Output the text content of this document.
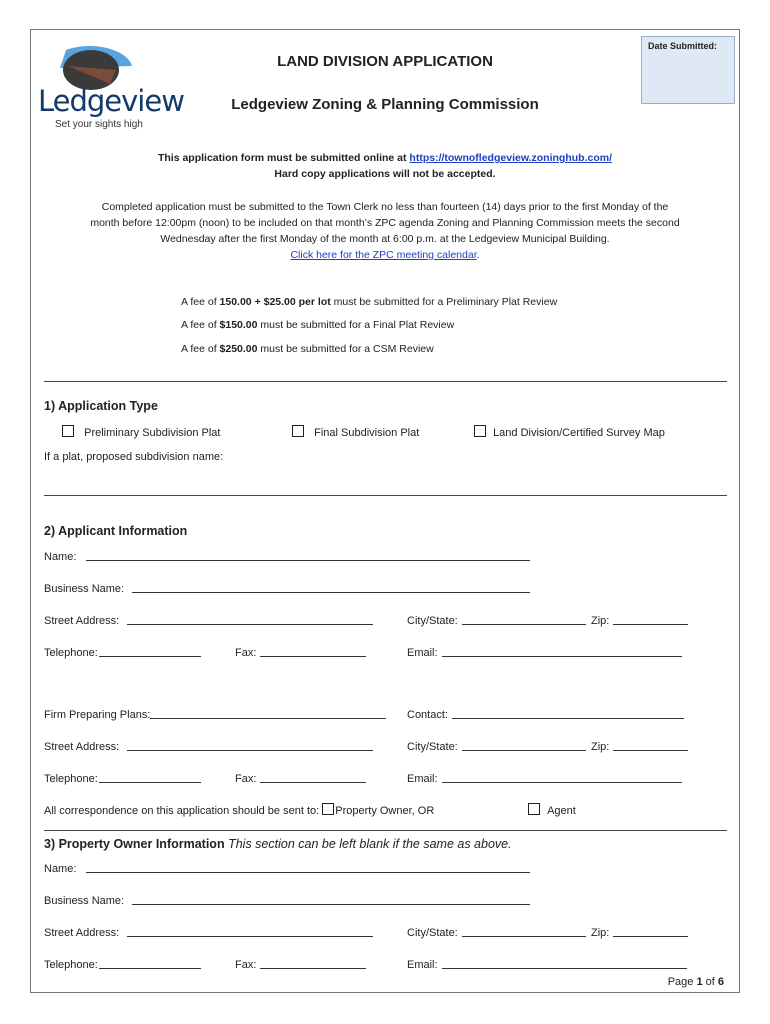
Date Submitted:
Ledgeview
Set your sights high
LAND DIVISION APPLICATION
Ledgeview Zoning & Planning Commission
This application form must be submitted online at https://townofledgeview.zoninghub.com/
Hard copy applications will not be accepted.
Completed application must be submitted to the Town Clerk no less than fourteen (14) days prior to the first Monday of the
month before 12:00pm (noon) to be included on that month’s ZPC agenda Zoning and Planning Commission meets the second
Wednesday after the first Monday of the month at 6:00 p.m. at the Ledgeview Municipal Building.
Click here for the ZPC meeting calendar.
A fee of 150.00 + $25.00 per lot must be submitted for a Preliminary Plat Review
A fee of $150.00 must be submitted for a Final Plat Review
A fee of $250.00 must be submitted for a CSM Review
1) Application Type
Preliminary Subdivision Plat	Final Subdivision Plat	Land Division/Certified Survey Map
If a plat, proposed subdivision name:
2) Applicant Information
Name:
Business Name:
Street Address:	City/State:	Zip:
Telephone:	Fax:	Email:
Firm Preparing Plans:	Contact:
Street Address:	City/State:	Zip:
Telephone:	Fax:	Email:
All correspondence on this application should be sent to: Property Owner, OR	Agent
3) Property Owner Information This section can be left blank if the same as above.
Name:
Business Name:
Street Address:	City/State:	Zip:
Telephone:	Fax:	Email:
Page 1 of 6
